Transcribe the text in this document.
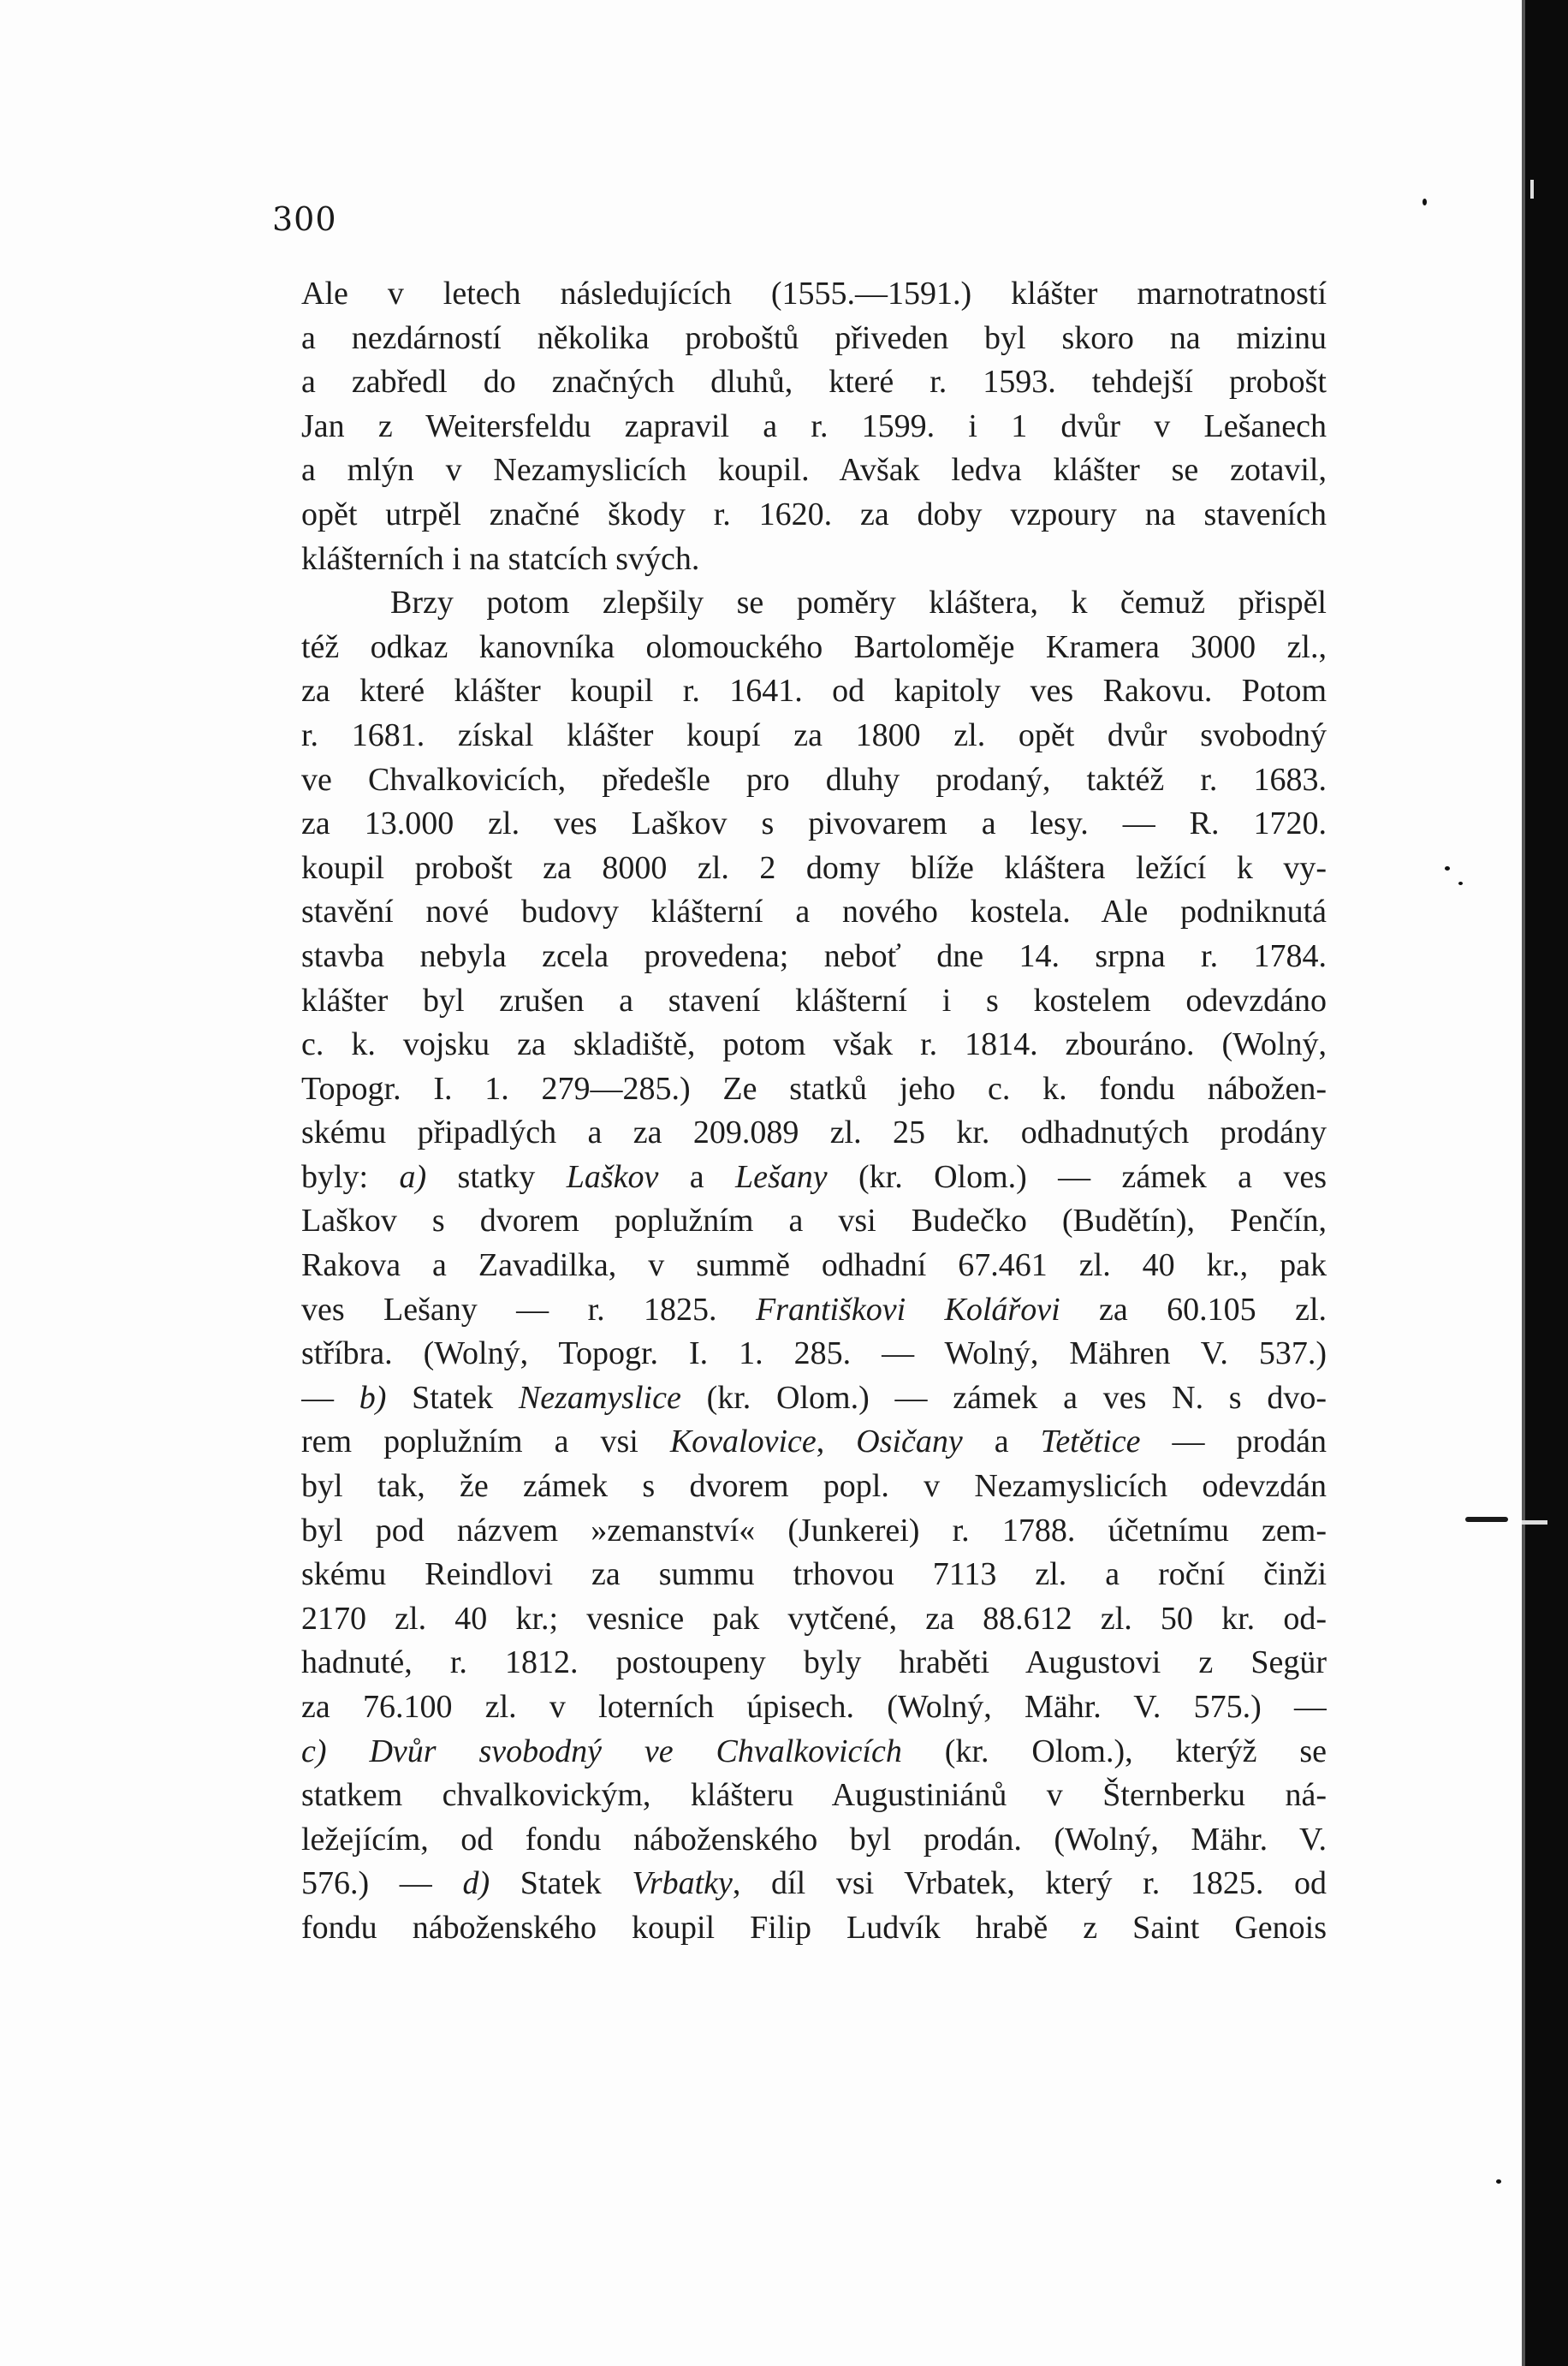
300
Ale v letech následujících (1555.—1591.) klášter marnotratností
a nezdárností několika proboštů přiveden byl skoro na mizinu
a zabředl do značných dluhů, které r. 1593. tehdejší probošt
Jan z Weitersfeldu zapravil a r. 1599. i 1 dvůr v Lešanech
a mlýn v Nezamyslicích koupil. Avšak ledva klášter se zotavil,
opět utrpěl značné škody r. 1620. za doby vzpoury na staveních
klášterních i na statcích svých.
Brzy potom zlepšily se poměry kláštera, k čemuž přispěl
též odkaz kanovníka olomouckého Bartoloměje Kramera 3000 zl.,
za které klášter koupil r. 1641. od kapitoly ves Rakovu. Potom
r. 1681. získal klášter koupí za 1800 zl. opět dvůr svobodný
ve Chvalkovicích, předešle pro dluhy prodaný, taktéž r. 1683.
za 13.000 zl. ves Laškov s pivovarem a lesy. — R. 1720.
koupil probošt za 8000 zl. 2 domy blíže kláštera ležící k vy-
stavění nové budovy klášterní a nového kostela. Ale podniknutá
stavba nebyla zcela provedena; neboť dne 14. srpna r. 1784.
klášter byl zrušen a stavení klášterní i s kostelem odevzdáno
c. k. vojsku za skladiště, potom však r. 1814. zbouráno. (Wolný,
Topogr. I. 1. 279—285.) Ze statků jeho c. k. fondu nábožen-
skému připadlých a za 209.089 zl. 25 kr. odhadnutých prodány
byly: a) statky Laškov a Lešany (kr. Olom.) — zámek a ves
Laškov s dvorem poplužním a vsi Budečko (Budětín), Penčín,
Rakova a Zavadilka, v summě odhadní 67.461 zl. 40 kr., pak
ves Lešany — r. 1825. Františkovi Kolářovi za 60.105 zl.
stříbra. (Wolný, Topogr. I. 1. 285. — Wolný, Mähren V. 537.)
— b) Statek Nezamyslice (kr. Olom.) — zámek a ves N. s dvo-
rem poplužním a vsi Kovalovice, Osičany a Tetětice — prodán
byl tak, že zámek s dvorem popl. v Nezamyslicích odevzdán
byl pod názvem »zemanství« (Junkerei) r. 1788. účetnímu zem-
skému Reindlovi za summu trhovou 7113 zl. a roční činži
2170 zl. 40 kr.; vesnice pak vytčené, za 88.612 zl. 50 kr. od-
hadnuté, r. 1812. postoupeny byly hraběti Augustovi z Segür
za 76.100 zl. v loterních úpisech. (Wolný, Mähr. V. 575.) —
c) Dvůr svobodný ve Chvalkovicích (kr. Olom.), kterýž se
statkem chvalkovickým, klášteru Augustiniánů v Šternberku ná-
ležejícím, od fondu náboženského byl prodán. (Wolný, Mähr. V.
576.) — d) Statek Vrbatky, díl vsi Vrbatek, který r. 1825. od
fondu náboženského koupil Filip Ludvík hrabě z Saint Genois
